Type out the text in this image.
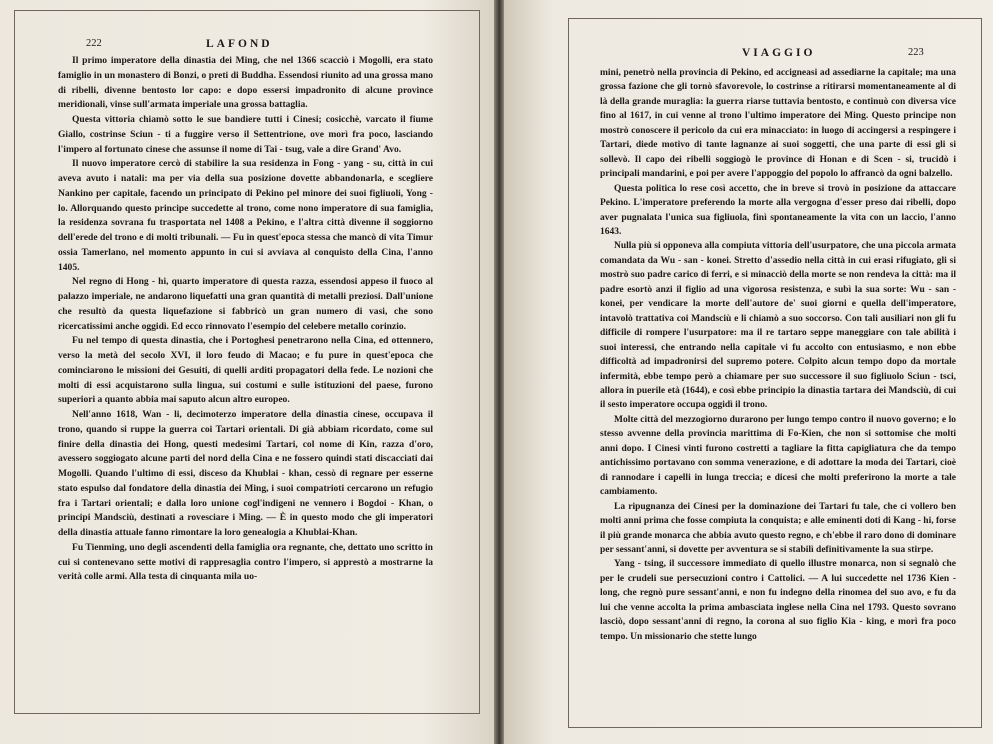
222	LAFOND

Il primo imperatore della dinastia dei Ming, che nel 1366 scacciò i Mogolli, era stato famiglio in un monastero di Bonzi, o preti di Buddha. Essendosi riunito ad una grossa mano di ribelli, divenne bentosto lor capo: e dopo essersi impadronito di alcune province meridionali, vinse sull'armata imperiale una grossa battaglia.

Questa vittoria chiamò sotto le sue bandiere tutti i Cinesi; cosicchè, varcato il fiume Giallo, costrinse Sciun - ti a fuggire verso il Settentrione, ove morì fra poco, lasciando l'impero al fortunato cinese che assunse il nome di Tai - tsug, vale a dire Grand' Avo.

Il nuovo imperatore cercò di stabilire la sua residenza in Fong - yang - su, città in cui aveva avuto i natali: ma per via della sua posizione dovette abbandonarla, e scegliere Nankino per capitale, facendo un principato di Pekino pel minore dei suoi figliuoli, Yong - lo. Allorquando questo principe succedette al trono, come nono imperatore di sua famiglia, la residenza sovrana fu trasportata nel 1408 a Pekino, e l'altra città divenne il soggiorno dell'erede del trono e di molti tribunali. — Fu in quest'epoca stessa che mancò di vita Timur ossia Tamerlano, nel momento appunto in cui si avviava al conquisto della Cina, l'anno 1405.

Nel regno di Hong - hi, quarto imperatore di questa razza, essendosi appeso il fuoco al palazzo imperiale, ne andarono liquefatti una gran quantità di metalli preziosi. Dall'unione che resultò da questa liquefazione si fabbricò un gran numero di vasi, che sono ricercatissimi anche oggidì. Ed ecco rinnovato l'esempio del celebere metallo corinzio.

Fu nel tempo di questa dinastia, che i Portoghesi penetrarono nella Cina, ed ottennero, verso la metà del secolo XVI, il loro feudo di Macao; e fu pure in quest'epoca che cominciarono le missioni dei Gesuiti, di quelli arditi propagatori della fede. Le nozioni che molti di essi acquistarono sulla lingua, sui costumi e sulle istituzioni del paese, furono superiori a quanto abbia mai saputo alcun altro europeo.

Nell'anno 1618, Wan - li, decimoterzo imperatore della dinastia cinese, occupava il trono, quando si ruppe la guerra coi Tartari orientali. Di già abbiam ricordato, come sul finire della dinastia dei Hong, questi medesimi Tartari, col nome di Kin, razza d'oro, avessero soggiogato alcune parti del nord della Cina e ne fossero quindi stati discacciati dai Mogolli. Quando l'ultimo di essi, disceso da Khublai - khan, cessò di regnare per esserne stato espulso dal fondatore della dinastia dei Ming, i suoi compatrioti cercarono un refugio fra i Tartari orientali; e dalla loro unione cogl'indigeni ne vennero i Bogdoi - Khan, o principi Mandsciù, destinati a rovesciare i Ming. — È in questo modo che gli imperatori della dinastia attuale fanno rimontare la loro genealogia a Khublai-Khan.

Fu Tienming, uno degli ascendenti della famiglia ora regnante, che, dettato uno scritto in cui si contenevano sette motivi di rappresaglia contro l'impero, si apprestò a mostrarne la verità colle armi. Alla testa di cinquanta mila uo-

VIAGGIO	223

mini, penetrò nella provincia di Pekino, ed accigneasi ad assediarne la capitale; ma una grossa fazione che gli tornò sfavorevole, lo costrinse a ritirarsi momentaneamente al di là della grande muraglia: la guerra riarse tuttavia bentosto, e continuò con diversa vice fino al 1617, in cui venne al trono l'ultimo imperatore dei Ming. Questo principe non mostrò conoscere il pericolo da cui era minacciato: in luogo di accingersi a respingere i Tartari, diede motivo di tante lagnanze ai suoi soggetti, che una parte di essi gli si sollevò. Il capo dei ribelli soggiogò le province di Honan e di Scen - si, trucidò i principali mandarini, e poi per avere l'appoggio del popolo lo affrancò da ogni balzello.

Questa politica lo rese così accetto, che in breve si trovò in posizione da attaccare Pekino. L'imperatore preferendo la morte alla vergogna d'esser preso dai ribelli, dopo aver pugnalata l'unica sua figliuola, finì spontaneamente la vita con un laccio, l'anno 1643.

Nulla più si opponeva alla compiuta vittoria dell'usurpatore, che una piccola armata comandata da Wu - san - konei. Stretto d'assedio nella città in cui erasi rifugiato, gli si mostrò suo padre carico di ferri, e si minacciò della morte se non rendeva la città: ma il padre esortò anzi il figlio ad una vigorosa resistenza, e subì la sua sorte: Wu - san - konei, per vendicare la morte dell'autore de' suoi giorni e quella dell'imperatore, intavolò trattativa coi Mandsciù e li chiamò a suo soccorso. Con tali ausiliari non gli fu difficile di rompere l'usurpatore: ma il re tartaro seppe maneggiare con tale abilità i suoi interessi, che entrando nella capitale vi fu accolto con entusiasmo, e non ebbe difficoltà ad impadronirsi del supremo potere. Colpito alcun tempo dopo da mortale infermità, ebbe tempo però a chiamare per suo successore il suo figliuolo Sciun - tsci, allora in puerile età (1644), e così ebbe principio la dinastia tartara dei Mandsciù, di cui il sesto imperatore occupa oggidì il trono.

Molte città del mezzogiorno durarono per lungo tempo contro il nuovo governo; e lo stesso avvenne della provincia marittima di Fo-Kien, che non si sottomise che molti anni dopo. I Cinesi vinti furono costretti a tagliare la fitta capigliatura che da tempo antichissimo portavano con somma venerazione, e di adottare la moda dei Tartari, cioè di rannodare i capelli in lunga treccia; e dicesi che molti preferirono la morte a tale cambiamento.

La ripugnanza dei Cinesi per la dominazione dei Tartari fu tale, che ci vollero ben molti anni prima che fosse compiuta la conquista; e alle eminenti doti di Kang - hi, forse il più grande monarca che abbia avuto questo regno, e ch'ebbe il raro dono di dominare per sessant'anni, si dovette per avventura se si stabilì definitivamente la sua stirpe.

Yang - tsing, il successore immediato di quello illustre monarca, non si segnalò che per le crudeli sue persecuzioni contro i Cattolici. — A lui succedette nel 1736 Kien - long, che regnò pure sessant'anni, e non fu indegno della rinomea del suo avo, e fu da lui che venne accolta la prima ambasciata inglese nella Cina nel 1793. Questo sovrano lasciò, dopo sessant'anni di regno, la corona al suo figlio Kia - king, e morì fra poco tempo. Un missionario che stette lungo
